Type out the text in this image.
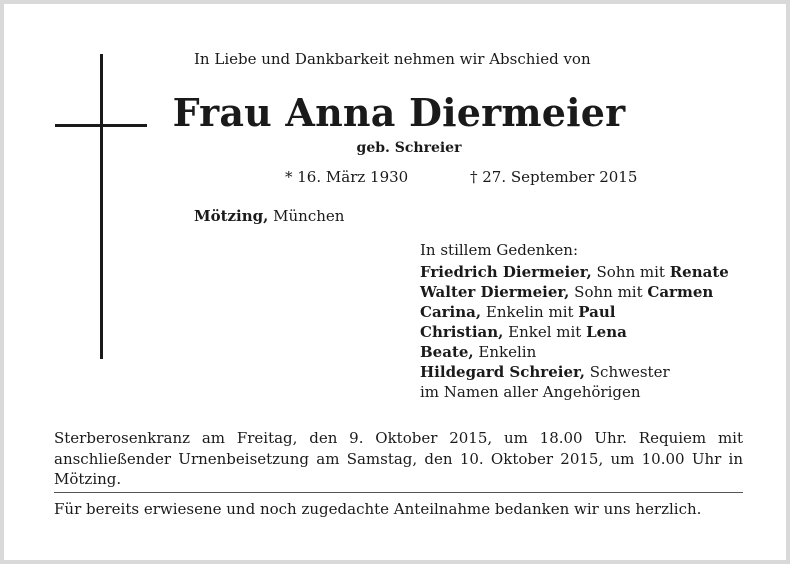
In Liebe und Dankbarkeit nehmen wir Abschied von
Frau Anna Diermeier
geb. Schreier
* 16. März 1930	† 27. September 2015
Mötzing, München
In stillem Gedenken:
Friedrich Diermeier, Sohn mit Renate
Walter Diermeier, Sohn mit Carmen
Carina, Enkelin mit Paul
Christian, Enkel mit Lena
Beate, Enkelin
Hildegard Schreier, Schwester
im Namen aller Angehörigen
Sterberosenkranz am Freitag, den 9. Oktober 2015, um 18.00 Uhr. Requiem mit anschließender Urnenbeisetzung am Samstag, den 10. Oktober 2015, um 10.00 Uhr in Mötzing.
Für bereits erwiesene und noch zugedachte Anteilnahme bedanken wir uns herzlich.
